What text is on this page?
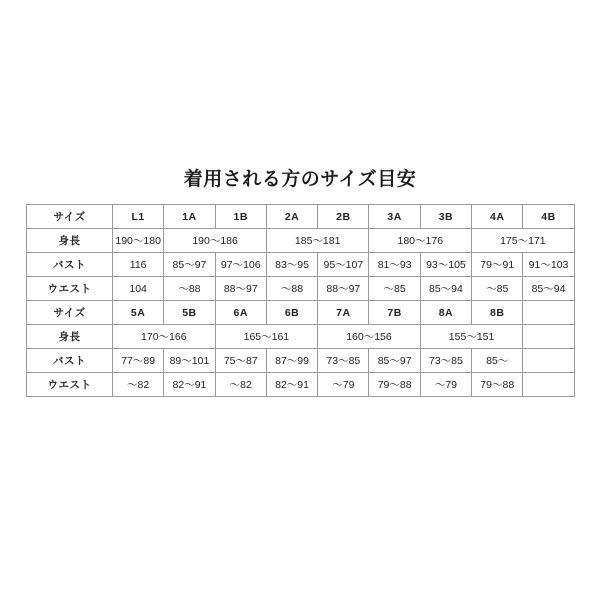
着用される方のサイズ目安
サイズ	L1	1A	1B	2A	2B	3A	3B	4A	4B
身長	190〜180	190〜186		185〜181		180〜176		175〜171	
バスト	116	85〜97	97〜106	83〜95	95〜107	81〜93	93〜105	79〜91	91〜103
ウエスト	104	〜88	88〜97	〜88	88〜97	〜85	85〜94	〜85	85〜94
サイズ	5A	5B	6A	6B	7A	7B	8A	8B	
身長	170〜166		165〜161		160〜156		155〜151		
バスト	77〜89	89〜101	75〜87	87〜99	73〜85	85〜97	73〜85	85〜	
ウエスト	〜82	82〜91	〜82	82〜91	〜79	79〜88	〜79	79〜88	
